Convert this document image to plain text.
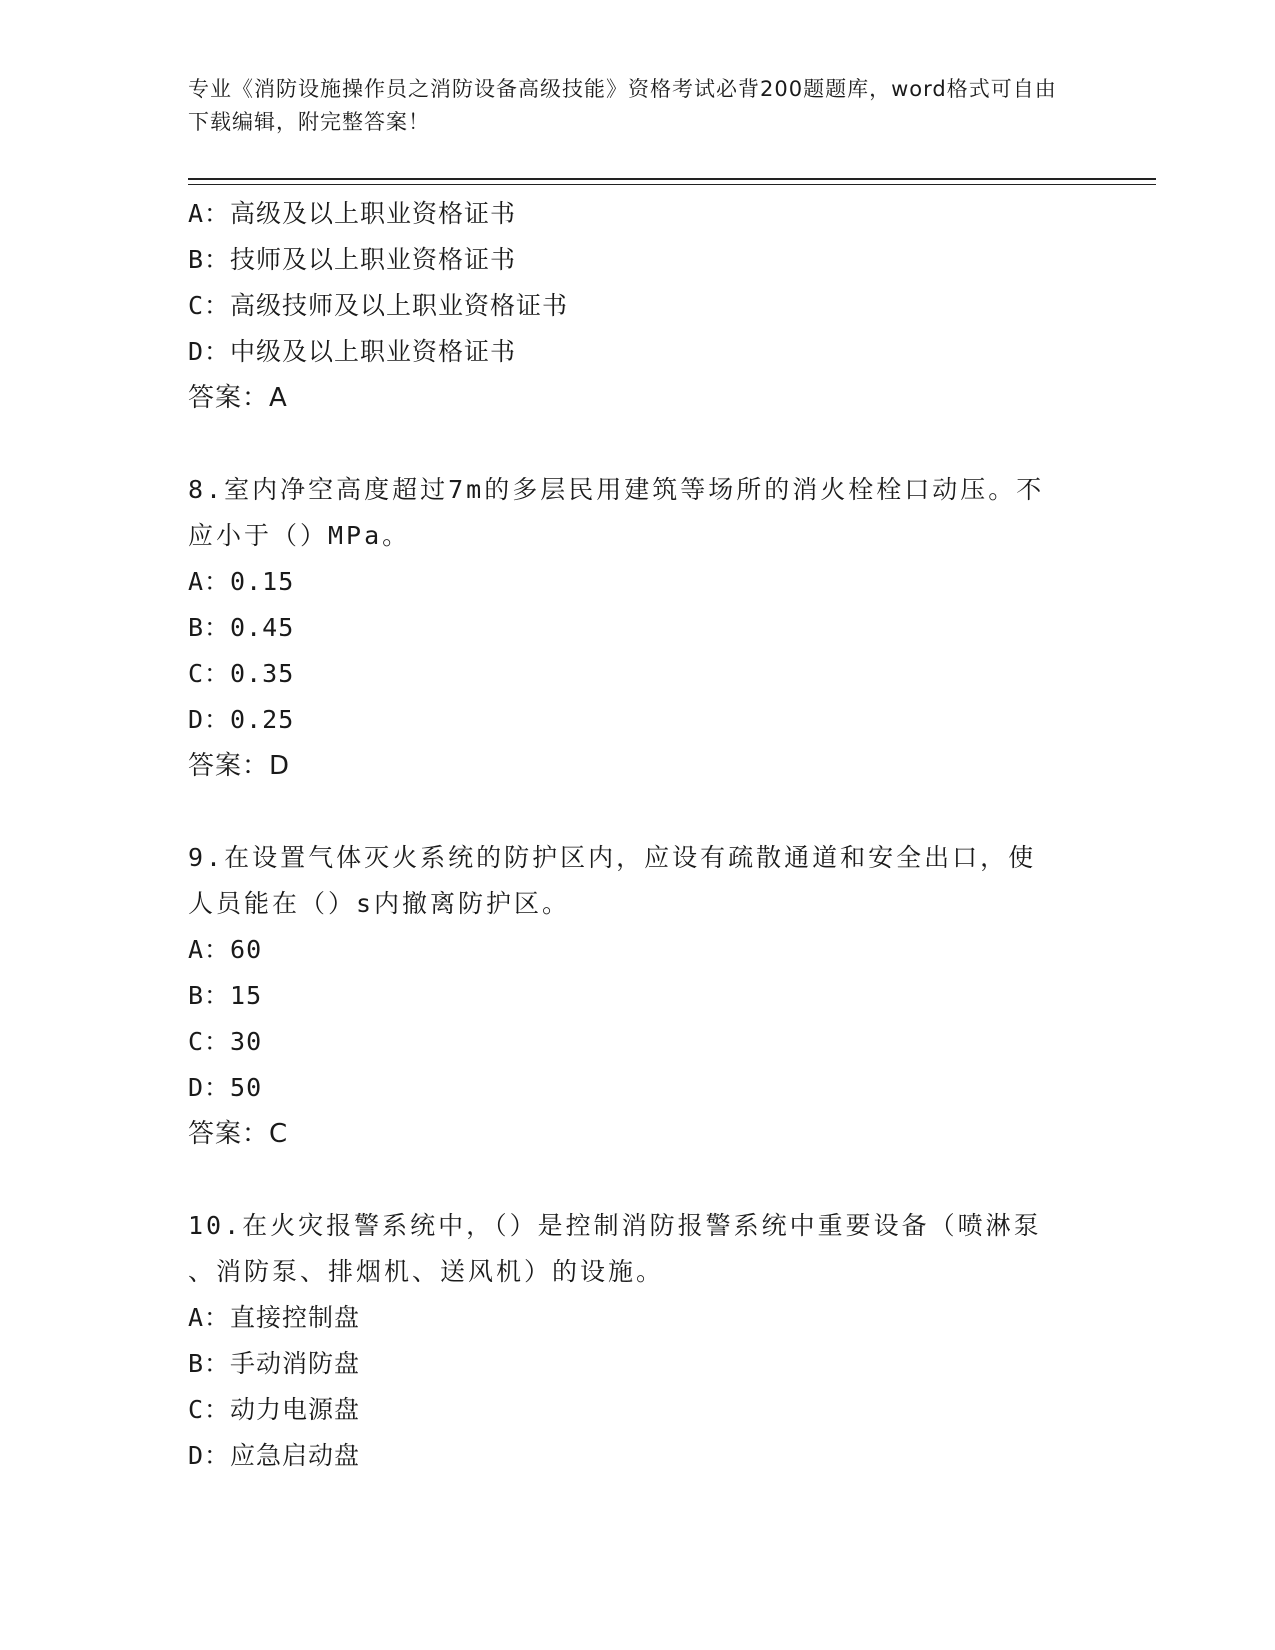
专业《消防设施操作员之消防设备高级技能》资格考试必背200题题库，word格式可自由下载编辑，附完整答案！
A：高级及以上职业资格证书
B：技师及以上职业资格证书
C：高级技师及以上职业资格证书
D：中级及以上职业资格证书
答案：A
8.室内净空高度超过7m的多层民用建筑等场所的消火栓栓口动压。不
应小于（）MPa。
A：0.15
B：0.45
C：0.35
D：0.25
答案：D
9.在设置气体灭火系统的防护区内，应设有疏散通道和安全出口，使
人员能在（）s内撤离防护区。
A：60
B：15
C：30
D：50
答案：C
10.在火灾报警系统中，（）是控制消防报警系统中重要设备（喷淋泵
、消防泵、排烟机、送风机）的设施。
A：直接控制盘
B：手动消防盘
C：动力电源盘
D：应急启动盘
